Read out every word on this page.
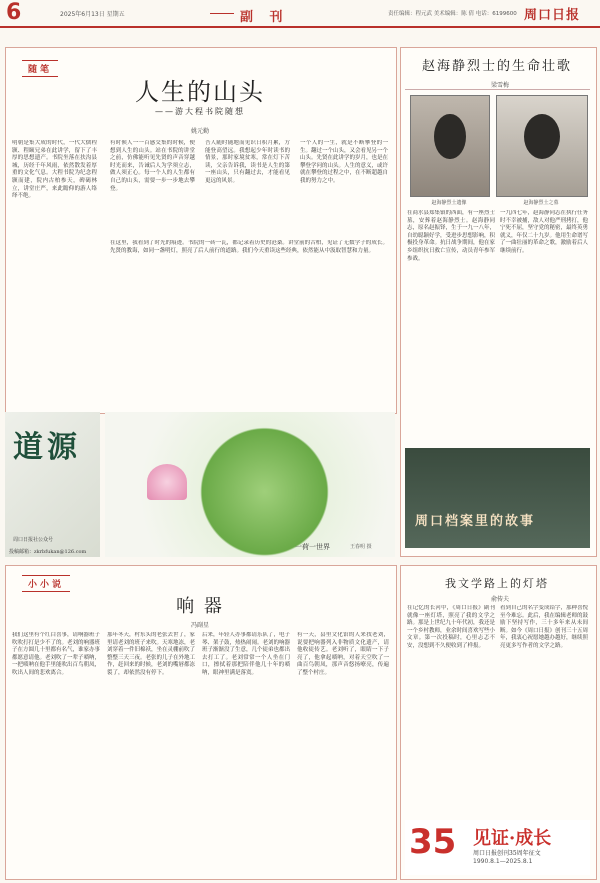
6	2025年6月13日 星期五	副 刊	责任编辑：程元武 美术编辑：陈 倩 电话：6199600 周口日报
随笔
人生的山头
——游大程书院随想
姚元勤
明朝是集大成的时代，一代大儒程颢、程颐兄弟在此讲学，留下了丰厚的思想遗产。书院坐落在扶沟县城，历经千年风雨，依然散发着厚重的文化气息。大程书院为纪念程颢而建，院内古柏参天，碑碣林立，讲堂庄严，来此瞻仰的游人络绎不绝。
有时候人一一百感交集的时候，便想到人生的山头。站在书院的讲堂之前，仿佛能听见先贤的声音穿越时光而来，告诫后人为学须立志，做人须正心。每一个人的人生都有自己的山头，需要一步一步地去攀登。
吾人随时随地而见识日积月累，方能登高望远。我想起少年时读书的情景，那时家境贫寒，常在灯下苦读，父亲告诉我，读书是人生的第一座山头，只有翻过去，才能看见更远的风景。
一个人的一生，就是不断攀登的一生。翻过一个山头，又会看见另一个山头。先贤在此讲学的岁月，也是在攀登学问的山头。人生的意义，或许就在攀登的过程之中，在不断超越自我的努力之中。
在这里，我看到了时光的痕迹。书院的一砖一瓦，都记录着历史的沧桑。讲堂前的古柏，见证了无数学子的成长。先贤的教诲，如同一盏明灯，照亮了后人前行的道路。我们今天重读这些经典，依然能从中汲取智慧和力量。
赵海静烈士的生命壮歌
梁雪梅
赵海静烈士遗像	赵海静烈士之墓
在商水县郑集镇的西面，有一座烈士墓，安葬着赵海静烈士。赵海静同志，原名赵振铎，生于一九一八年，自幼聪颖好学，受进步思想影响，积极投身革命。抗日战争期间，他在家乡组织抗日救亡宣传，动员青年参军参战。
一九四七年，赵海静同志在执行任务时不幸被捕，敌人对他严刑拷打，他宁死不屈，坚守党的秘密，最终英勇就义，年仅二十九岁。他用生命谱写了一曲壮丽的革命之歌，激励着后人继续前行。
周口档案里的故事
道源
周口日报社公众号
投稿邮箱：zkrbfukan@126.com
一荷一世界	王春明 摄
小小说
响 器
冯副星
我们这里有个红白喜事，请响器班子吹吹打打是少不了的。老刘的响器班子在方圆几十里都有名气，谁家办事都愿意请他。老刘吹了一辈子唢呐，一把唢呐在他手里能吹出百鸟朝凤，吹出人间的悲欢离合。
那年冬天，村东头的老张去世了，家里请老刘的班子来吹。天寒地冻，老刘穿着一件旧棉袄，坐在灵棚前吹了整整三天三夜。老张的儿子在外地工作，赶回来的时候，老刘的嘴唇都冻裂了，却依然没有停下。
后来，年轻人办事都请乐队了，电子琴、架子鼓，热热闹闹。老刘的响器班子渐渐没了生意，几个徒弟也都出去打工了。老刘常常一个人坐在门口，擦拭着那把陪伴他几十年的唢呐，眼神里满是落寞。
有一天，县里文化馆的人来找老刘，说要把响器列入非物质文化遗产，请他收徒传艺。老刘听了，眼睛一下子亮了，他拿起唢呐，对着天空吹了一曲百鸟朝凤，那声音悠扬嘹亮，传遍了整个村庄。
我文学路上的灯塔
俞传夫
在记忆的长河中，《周口日报》副刊就像一座灯塔，照亮了我的文学之路。那是上世纪九十年代初，我还是一个乡村教师，业余时间喜欢写些小文章。第一次投稿时，心里忐忑不安，没想到不久便收到了样报。
看到自己的名字变成铅字，那种喜悦至今难忘。此后，我在编辑老师的鼓励下坚持写作，三十多年来从未间断。如今《周口日报》创刊三十五周年，我衷心祝愿她越办越好，继续照亮更多写作者的文学之路。
35 见证·成长
周口日报创刊35周年征文
1990.8.1—2025.8.1
